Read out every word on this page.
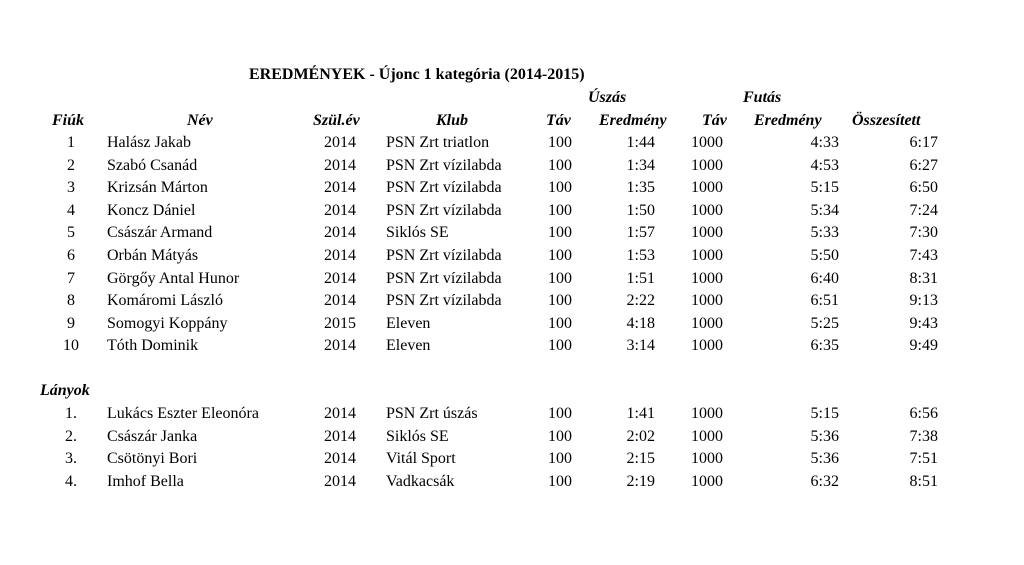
EREDMÉNYEK - Újonc 1 kategória (2014-2015)
Úszás	Futás
Fiúk	Név	Szül.év	Klub	Táv Eredmény Táv Eredmény Összesített
1	Halász Jakab	2014	PSN Zrt triatlon	100	1:44 1000	4:33	6:17
2	Szabó Csanád	2014	PSN Zrt vízilabda	100	1:34 1000	4:53	6:27
3	Krizsán Márton	2014	PSN Zrt vízilabda	100	1:35 1000	5:15	6:50
4	Koncz Dániel	2014	PSN Zrt vízilabda	100	1:50 1000	5:34	7:24
5	Császár Armand	2014	Siklós SE	100	1:57 1000	5:33	7:30
6	Orbán Mátyás	2014	PSN Zrt vízilabda	100	1:53 1000	5:50	7:43
7	Görgőy Antal Hunor	2014	PSN Zrt vízilabda	100	1:51 1000	6:40	8:31
8	Komáromi László	2014	PSN Zrt vízilabda	100	2:22 1000	6:51	9:13
9	Somogyi Koppány	2015	Eleven	100	4:18 1000	5:25	9:43
10	Tóth Dominik	2014	Eleven	100	3:14 1000	6:35	9:49
Lányok
1.	Lukács Eszter Eleonóra	2014	PSN Zrt úszás	100	1:41 1000	5:15	6:56
2.	Császár Janka	2014	Siklós SE	100	2:02 1000	5:36	7:38
3.	Csötönyi Bori	2014	Vitál Sport	100	2:15 1000	5:36	7:51
4.	Imhof Bella	2014	Vadkacsák	100	2:19 1000	6:32	8:51
